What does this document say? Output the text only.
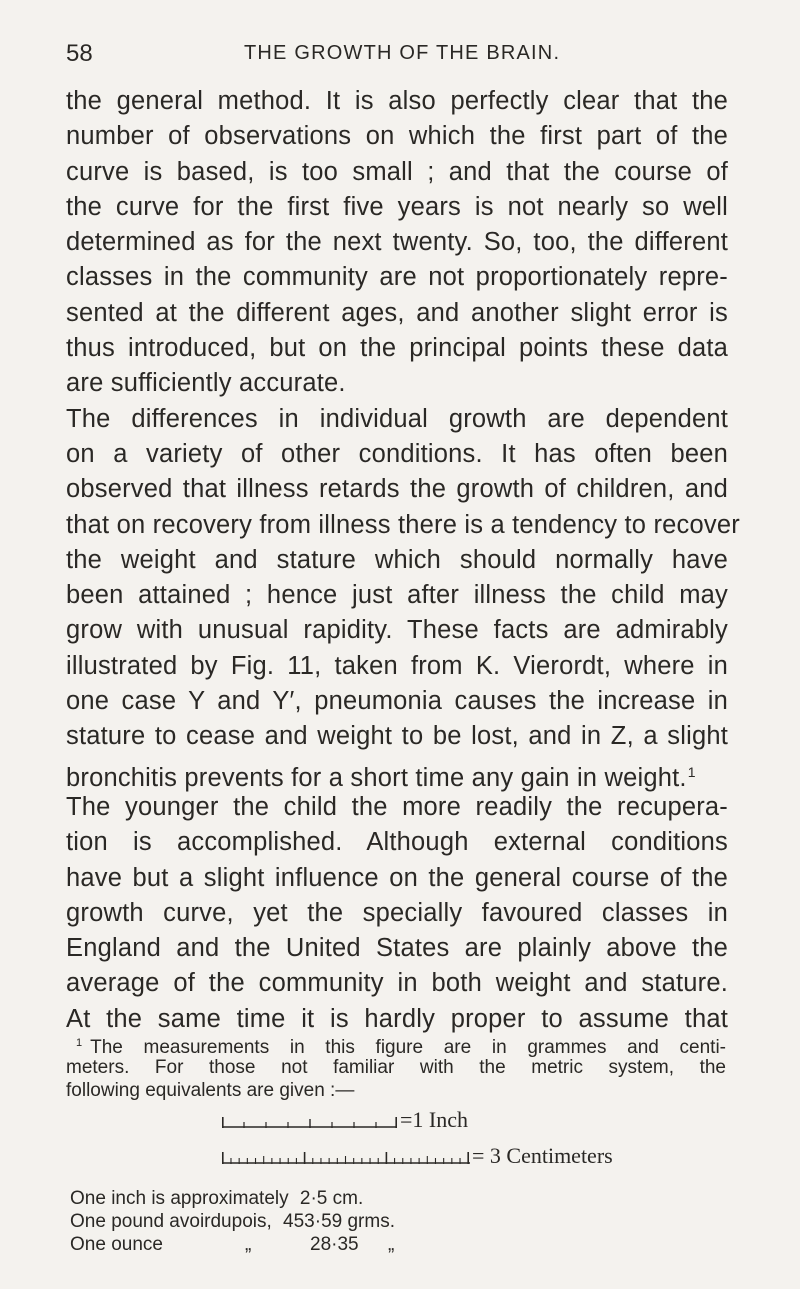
58	THE GROWTH OF THE BRAIN.
the general method. It is also perfectly clear that the
number of observations on which the first part of the
curve is based, is too small ; and that the course of
the curve for the first five years is not nearly so well
determined as for the next twenty. So, too, the different
classes in the community are not proportionately repre-
sented at the different ages, and another slight error is
thus introduced, but on the principal points these data
are sufficiently accurate.
The differences in individual growth are dependent
on a variety of other conditions. It has often been
observed that illness retards the growth of children, and
that on recovery from illness there is a tendency to recover
the weight and stature which should normally have
been attained ; hence just after illness the child may
grow with unusual rapidity. These facts are admirably
illustrated by Fig. 11, taken from K. Vierordt, where in
one case Y and Y′, pneumonia causes the increase in
stature to cease and weight to be lost, and in Z, a slight
bronchitis prevents for a short time any gain in weight.$^1$
The younger the child the more readily the recupera-
tion is accomplished. Although external conditions
have but a slight influence on the general course of the
growth curve, yet the specially favoured classes in
England and the United States are plainly above the
average of the community in both weight and stature.
At the same time it is hardly proper to assume that
$^1$ The measurements in this figure are in grammes and centi-
meters. For those not familiar with the metric system, the
following equivalents are given :—
=1 Inch
= 3 Centimeters
One inch is approximately 2·5 cm.
One pound avoirdupois, 453·59 grms.
One ounce	„	28·35 „
